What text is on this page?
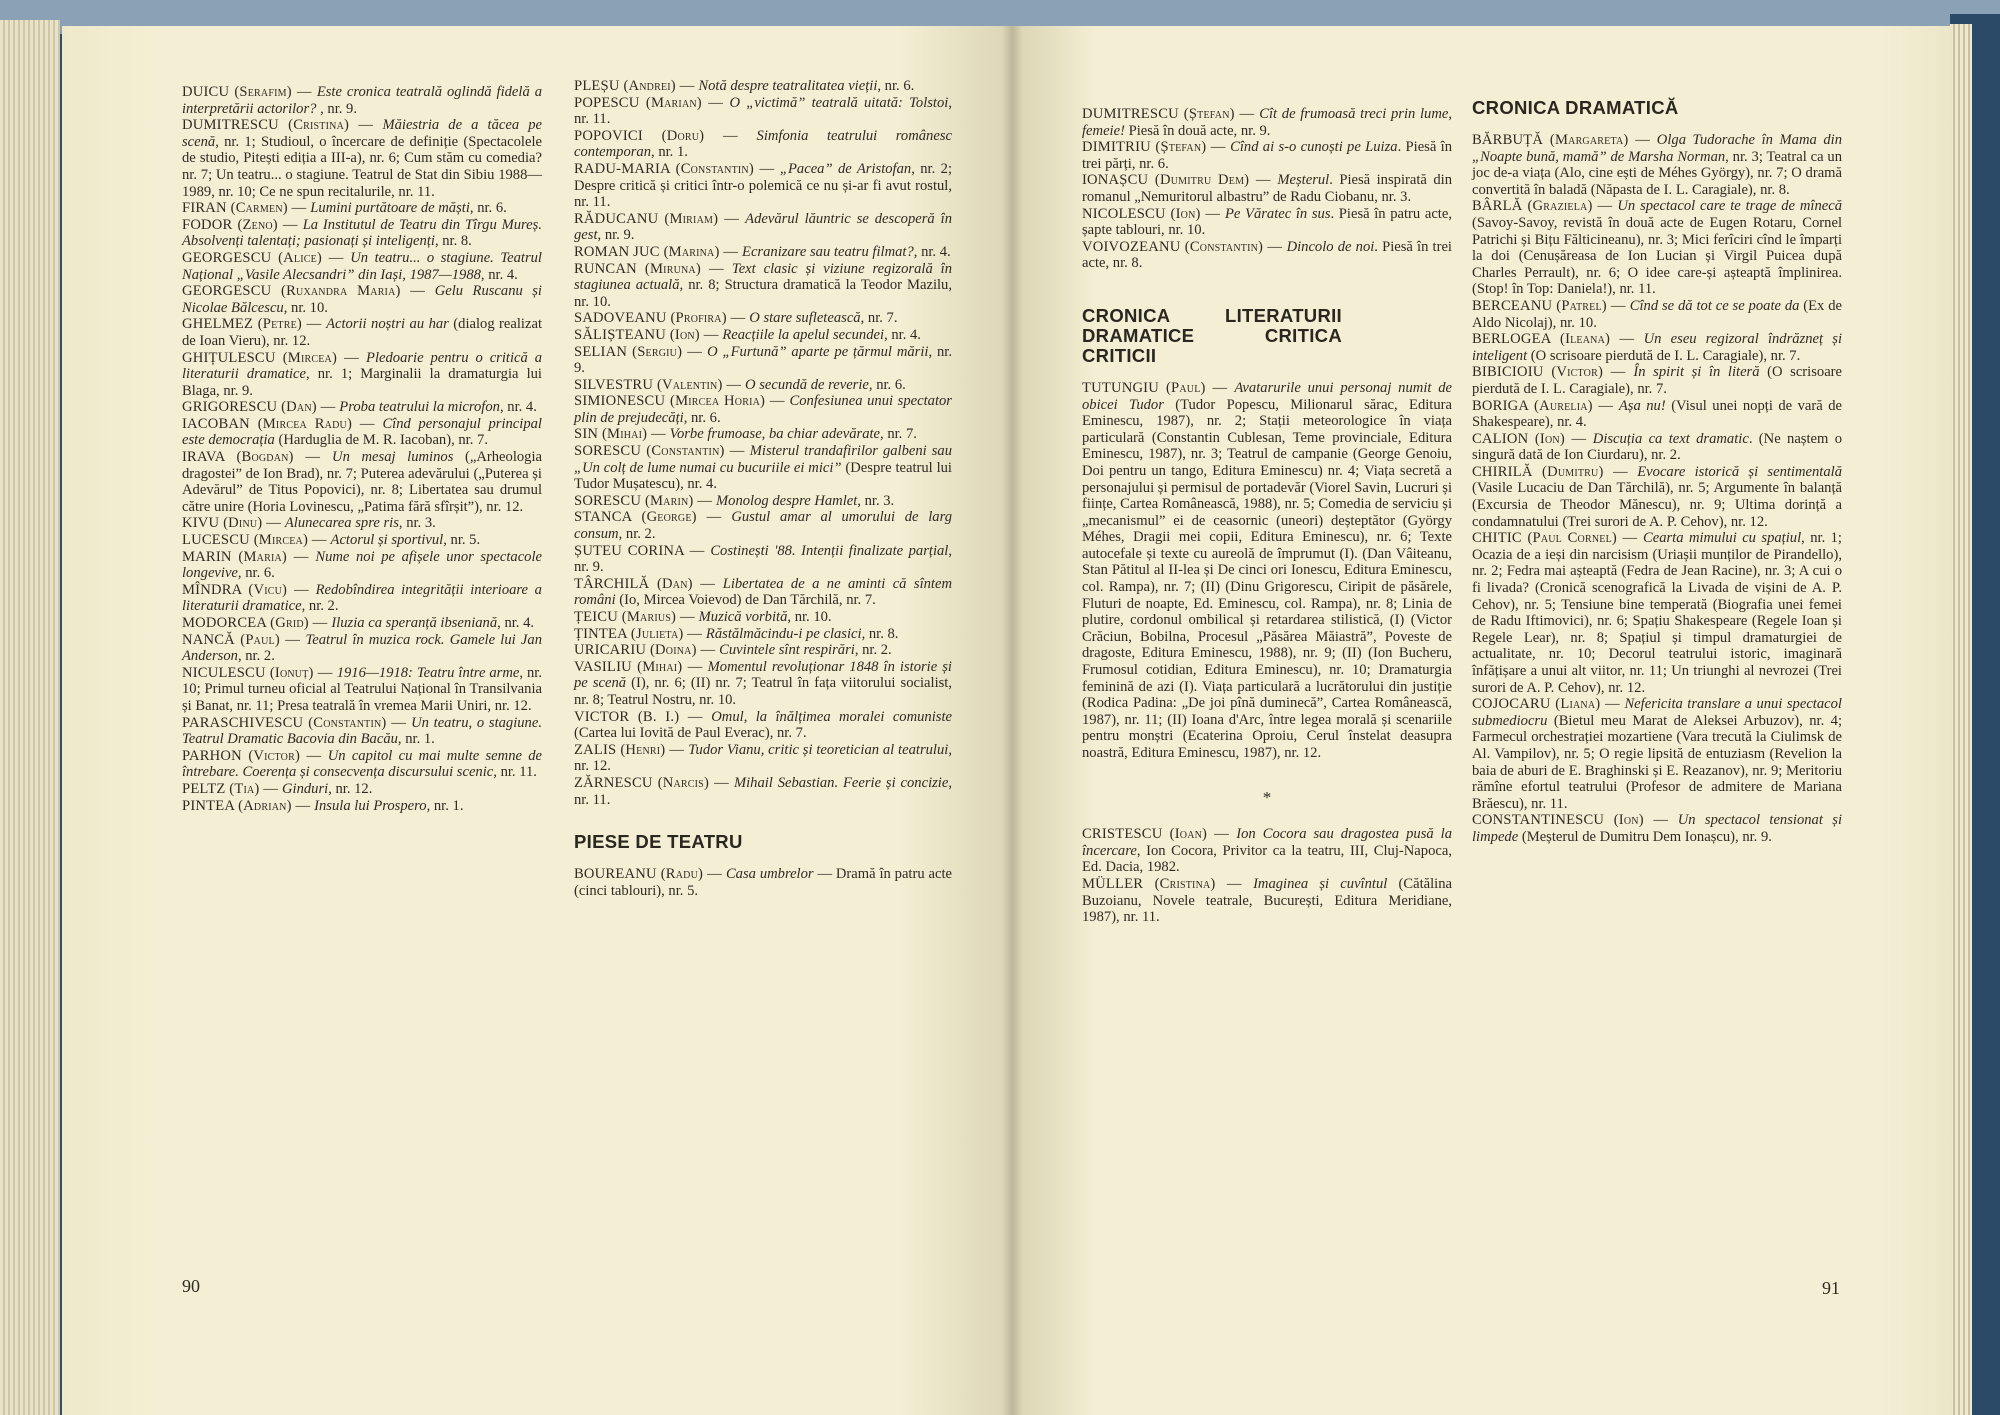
DUICU (Serafim) — Este cronica teatrală oglindă fidelă a interpretării actorilor? , nr. 9.

DUMITRESCU (Cristina) — Măiestria de a tăcea pe scenă, nr. 1; Studioul, o încercare de definiție (Spectacolele de studio, Pitești ediția a III-a), nr. 6; Cum stăm cu comedia? nr. 7; Un teatru... o stagiune. Teatrul de Stat din Sibiu 1988—1989, nr. 10; Ce ne spun recitalurile, nr. 11.

FIRAN (Carmen) — Lumini purtătoare de măști, nr. 6.

FODOR (Zeno) — La Institutul de Teatru din Tîrgu Mureș. Absolvenți talentați; pasionați și inteligenți, nr. 8.

GEORGESCU (Alice) — Un teatru... o stagiune. Teatrul Național „Vasile Alecsandri” din Iași, 1987—1988, nr. 4.

GEORGESCU (Ruxandra Maria) — Gelu Ruscanu și Nicolae Bălcescu, nr. 10.

GHELMEZ (Petre) — Actorii noștri au har (dialog realizat de Ioan Vieru), nr. 12.

GHIȚULESCU (Mircea) — Pledoarie pentru o critică a literaturii dramatice, nr. 1; Marginalii la dramaturgia lui Blaga, nr. 9.

GRIGORESCU (Dan) — Proba teatrului la microfon, nr. 4.

IACOBAN (Mircea Radu) — Cînd personajul principal este democrația (Harduglia de M. R. Iacoban), nr. 7.

IRAVA (Bogdan) — Un mesaj luminos („Arheologia dragostei” de Ion Brad), nr. 7; Puterea adevărului („Puterea și Adevărul” de Titus Popovici), nr. 8; Libertatea sau drumul către unire (Horia Lovinescu, „Patima fără sfîrșit”), nr. 12.

KIVU (Dinu) — Alunecarea spre ris, nr. 3.

LUCESCU (Mircea) — Actorul și sportivul, nr. 5.

MARIN (Maria) — Nume noi pe afișele unor spectacole longevive, nr. 6.

MÎNDRA (Vicu) — Redobîndirea integrității interioare a literaturii dramatice, nr. 2.

MODORCEA (Grid) — Iluzia ca speranță ibseniană, nr. 4.

NANCĂ (Paul) — Teatrul în muzica rock. Gamele lui Jan Anderson, nr. 2.

NICULESCU (Ionuț) — 1916—1918: Teatru între arme, nr. 10; Primul turneu oficial al Teatrului Național în Transilvania și Banat, nr. 11; Presa teatrală în vremea Marii Uniri, nr. 12.

PARASCHIVESCU (Constantin) — Un teatru, o stagiune. Teatrul Dramatic Bacovia din Bacău, nr. 1.

PARHON (Victor) — Un capitol cu mai multe semne de întrebare. Coerența și consecvența discursului scenic, nr. 11.

PELTZ (Tia) — Ginduri, nr. 12.

PINTEA (Adrian) — Insula lui Prospero, nr. 1.

PLEȘU (Andrei) — Notă despre teatralitatea vieții, nr. 6.

POPESCU (Marian) — O „victimă” teatrală uitată: Tolstoi, nr. 11.

POPOVICI (Doru) — Simfonia teatrului românesc contemporan, nr. 1.

RADU-MARIA (Constantin) — „Pacea” de Aristofan, nr. 2; Despre critică și critici într-o polemică ce nu și-ar fi avut rostul, nr. 11.

RĂDUCANU (Miriam) — Adevărul lăuntric se descoperă în gest, nr. 9.

ROMAN JUC (Marina) — Ecranizare sau teatru filmat?, nr. 4.

RUNCAN (Miruna) — Text clasic și viziune regizorală în stagiunea actuală, nr. 8; Structura dramatică la Teodor Mazilu, nr. 10.

SADOVEANU (Profira) — O stare sufletească, nr. 7.

SĂLIȘTEANU (Ion) — Reacțiile la apelul secundei, nr. 4.

SELIAN (Sergiu) — O „Furtună” aparte pe țărmul mării, nr. 9.

SILVESTRU (Valentin) — O secundă de reverie, nr. 6.

SIMIONESCU (Mircea Horia) — Confesiunea unui spectator plin de prejudecăți, nr. 6.

SIN (Mihai) — Vorbe frumoase, ba chiar adevărate, nr. 7.

SORESCU (Constantin) — Misterul trandafirilor galbeni sau „Un colț de lume numai cu bucuriile ei mici” (Despre teatrul lui Tudor Mușatescu), nr. 4.

SORESCU (Marin) — Monolog despre Hamlet, nr. 3.

STANCA (George) — Gustul amar al umorului de larg consum, nr. 2.

ȘUTEU CORINA — Costinești '88. Intenții finalizate parțial, nr. 9.

TÂRCHILĂ (Dan) — Libertatea de a ne aminti că sîntem români (Io, Mircea Voievod) de Dan Tărchilă, nr. 7.

ȚEICU (Marius) — Muzică vorbită, nr. 10.

ȚINTEA (Julieta) — Răstălmăcindu-i pe clasici, nr. 8.

URICARIU (Doina) — Cuvintele sînt respirări, nr. 2.

VASILIU (Mihai) — Momentul revoluționar 1848 în istorie și pe scenă (I), nr. 6; (II) nr. 7; Teatrul în fața viitorului socialist, nr. 8; Teatrul Nostru, nr. 10.

VICTOR (B. I.) — Omul, la înălțimea moralei comuniste (Cartea lui Iovită de Paul Everac), nr. 7.

ZALIS (Henri) — Tudor Vianu, critic și teoretician al teatrului, nr. 12.

ZĂRNESCU (Narcis) — Mihail Sebastian. Feerie și concizie, nr. 11.

PIESE DE TEATRU

BOUREANU (Radu) — Casa umbrelor — Dramă în patru acte (cinci tablouri), nr. 5.

90

DUMITRESCU (Ștefan) — Cît de frumoasă treci prin lume, femeie! Piesă în două acte, nr. 9.

DIMITRIU (Ștefan) — Cînd ai s-o cunoști pe Luiza. Piesă în trei părți, nr. 6.

IONAȘCU (Dumitru Dem) — Meșterul. Piesă inspirată din romanul „Nemuritorul albastru” de Radu Ciobanu, nr. 3.

NICOLESCU (Ion) — Pe Văratec în sus. Piesă în patru acte, șapte tablouri, nr. 10.

VOIVOZEANU (Constantin) — Dincolo de noi. Piesă în trei acte, nr. 8.

CRONICA LITERATURII DRAMATICE CRITICA CRITICII

TUTUNGIU (Paul) — Avatarurile unui personaj numit de obicei Tudor (Tudor Popescu, Milionarul sărac, Editura Eminescu, 1987), nr. 2; Stații meteorologice în viața particulară (Constantin Cublesan, Teme provinciale, Editura Eminescu, 1987), nr. 3; Teatrul de campanie (George Genoiu, Doi pentru un tango, Editura Eminescu) nr. 4; Viața secretă a personajului și permisul de portadevăr (Viorel Savin, Lucruri și ființe, Cartea Românească, 1988), nr. 5; Comedia de serviciu și „mecanismul” ei de ceasornic (uneori) deșteptător (György Méhes, Dragii mei copii, Editura Eminescu), nr. 6; Texte autocefale și texte cu aureolă de împrumut (I). (Dan Vâiteanu, Stan Pătitul al II-lea și De cinci ori Ionescu, Editura Eminescu, col. Rampa), nr. 7; (II) (Dinu Grigorescu, Ciripit de păsărele, Fluturi de noapte, Ed. Eminescu, col. Rampa), nr. 8; Linia de plutire, cordonul ombilical și retardarea stilistică, (I) (Victor Crăciun, Bobilna, Procesul „Păsărea Măiastră”, Poveste de dragoste, Editura Eminescu, 1988), nr. 9; (II) (Ion Bucheru, Frumosul cotidian, Editura Eminescu), nr. 10; Dramaturgia feminină de azi (I). Viața particulară a lucrătorului din justiție (Rodica Padina: „De joi pînă duminecă”, Cartea Românească, 1987), nr. 11; (II) Ioana d'Arc, între legea morală și scenariile pentru monștri (Ecaterina Oproiu, Cerul înstelat deasupra noastră, Editura Eminescu, 1987), nr. 12.

*

CRISTESCU (Ioan) — Ion Cocora sau dragostea pusă la încercare, Ion Cocora, Privitor ca la teatru, III, Cluj-Napoca, Ed. Dacia, 1982.

MÜLLER (Cristina) — Imaginea și cuvîntul (Cătălina Buzoianu, Novele teatrale, București, Editura Meridiane, 1987), nr. 11.

CRONICA DRAMATICĂ

BĂRBUȚĂ (Margareta) — Olga Tudorache în Mama din „Noapte bună, mamă” de Marsha Norman, nr. 3; Teatral ca un joc de-a viața (Alo, cine ești de Méhes György), nr. 7; O dramă convertită în baladă (Năpasta de I. L. Caragiale), nr. 8.

BÂRLĂ (Graziela) — Un spectacol care te trage de mînecă (Savoy-Savoy, revistă în două acte de Eugen Rotaru, Cornel Patrichi și Bițu Fălticineanu), nr. 3; Mici ferîciri cînd le împarți la doi (Cenușăreasa de Ion Lucian și Virgil Puicea după Charles Perrault), nr. 6; O idee care-și așteaptă împlinirea. (Stop! în Top: Daniela!), nr. 11.

BERCEANU (Patrel) — Cînd se dă tot ce se poate da (Ex de Aldo Nicolaj), nr. 10.

BERLOGEA (Ileana) — Un eseu regizoral îndrăzneț și inteligent (O scrisoare pierdută de I. L. Caragiale), nr. 7.

BIBICIOIU (Victor) — În spirit și în literă (O scrisoare pierdută de I. L. Caragiale), nr. 7.

BORIGA (Aurelia) — Așa nu! (Visul unei nopți de vară de Shakespeare), nr. 4.

CALION (Ion) — Discuția ca text dramatic. (Ne naștem o singură dată de Ion Ciurdaru), nr. 2.

CHIRILĂ (Dumitru) — Evocare istorică și sentimentală (Vasile Lucaciu de Dan Tărchilă), nr. 5; Argumente în balanță (Excursia de Theodor Mănescu), nr. 9; Ultima dorință a condamnatului (Trei surori de A. P. Cehov), nr. 12.

CHITIC (Paul Cornel) — Cearta mimului cu spațiul, nr. 1; Ocazia de a ieși din narcisism (Uriașii munților de Pirandello), nr. 2; Fedra mai așteaptă (Fedra de Jean Racine), nr. 3; A cui o fi livada? (Cronică scenografică la Livada de vișini de A. P. Cehov), nr. 5; Tensiune bine temperată (Biografia unei femei de Radu Iftimovici), nr. 6; Spațiu Shakespeare (Regele Ioan și Regele Lear), nr. 8; Spațiul și timpul dramaturgiei de actualitate, nr. 10; Decorul teatrului istoric, imaginară înfățișare a unui alt viitor, nr. 11; Un triunghi al nevrozei (Trei surori de A. P. Cehov), nr. 12.

COJOCARU (Liana) — Nefericita translare a unui spectacol submediocru (Bietul meu Marat de Aleksei Arbuzov), nr. 4; Farmecul orchestrației mozartiene (Vara trecută la Ciulimsk de Al. Vampilov), nr. 5; O regie lipsită de entuziasm (Revelion la baia de aburi de E. Braghinski și E. Reazanov), nr. 9; Meritoriu rămîne efortul teatrului (Profesor de admitere de Mariana Brăescu), nr. 11.

CONSTANTINESCU (Ion) — Un spectacol tensionat și limpede (Meșterul de Dumitru Dem Ionașcu), nr. 9.

91
